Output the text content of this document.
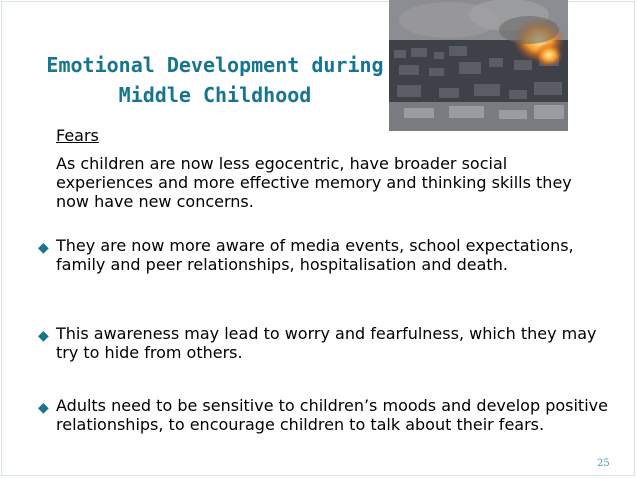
Emotional Development during
Middle Childhood
Fears

As children are now less egocentric, have broader social experiences and more effective memory and thinking skills they now have new concerns.

◆ They are now more aware of media events, school expectations, family and peer relationships, hospitalisation and death.
◆ This awareness may lead to worry and fearfulness, which they may try to hide from others.
◆ Adults need to be sensitive to children’s moods and develop positive relationships, to encourage children to talk about their fears.
25
